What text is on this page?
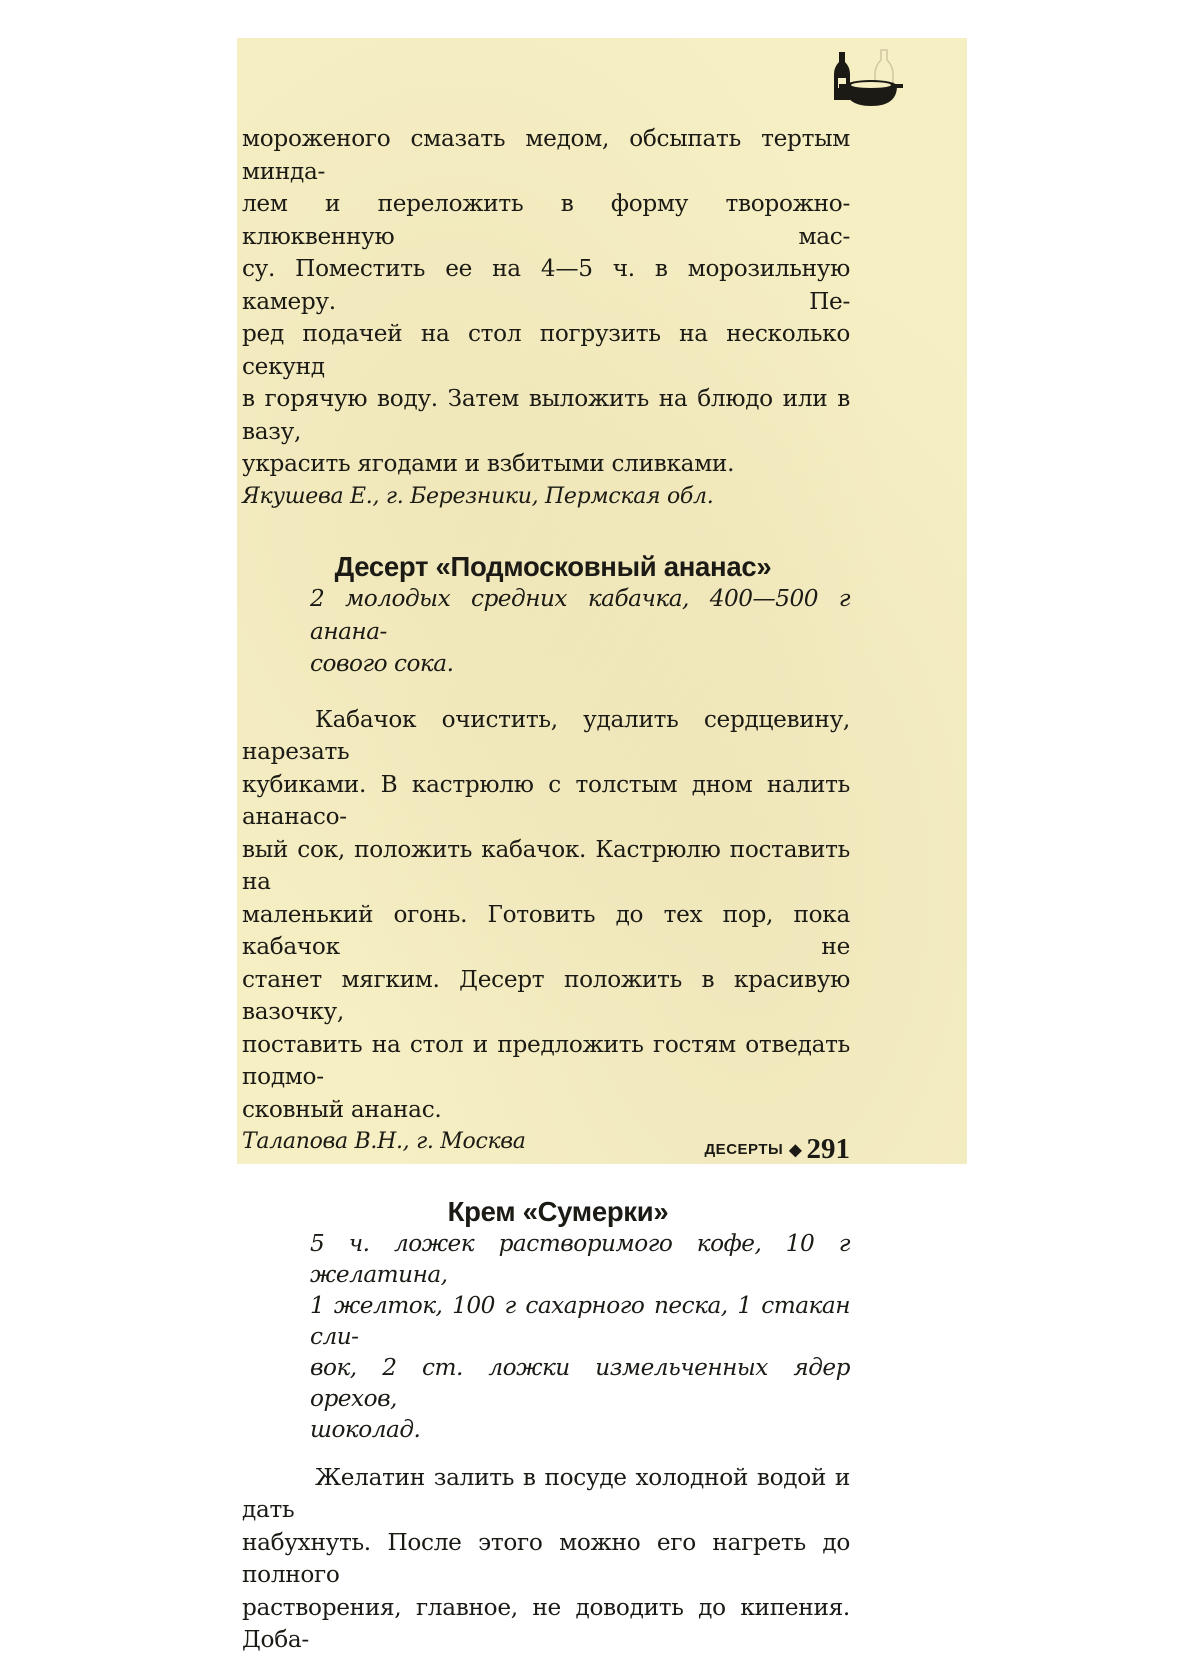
мороженого смазать медом, обсыпать тертым минда-

лем и переложить в форму творожно-клюквенную мас-

су. Поместить ее на 4—5 ч. в морозильную камеру. Пе-

ред подачей на стол погрузить на несколько секунд

в горячую воду. Затем выложить на блюдо или в вазу,

украсить ягодами и взбитыми сливками.

Якушева Е., г. Березники, Пермская обл.

Десерт «Подмосковный ананас»

2 молодых средних кабачка, 400—500 г анана-

сового сока.

Кабачок очистить, удалить сердцевину, нарезать

кубиками. В кастрюлю с толстым дном налить ананасо-

вый сок, положить кабачок. Кастрюлю поставить на

маленький огонь. Готовить до тех пор, пока кабачок не

станет мягким. Десерт положить в красивую вазочку,

поставить на стол и предложить гостям отведать подмо-

сковный ананас.

Талапова В.Н., г. Москва

Крем «Сумерки»

5 ч. ложек растворимого кофе, 10 г желатина,

1 желток, 100 г сахарного песка, 1 стакан сли-

вок, 2 ст. ложки измельченных ядер орехов,

шоколад.

Желатин залить в посуде холодной водой и дать

набухнуть. После этого можно его нагреть до полного

растворения, главное, не доводить до кипения. Доба-

ДЕСЕРТЫ ◆ 291
